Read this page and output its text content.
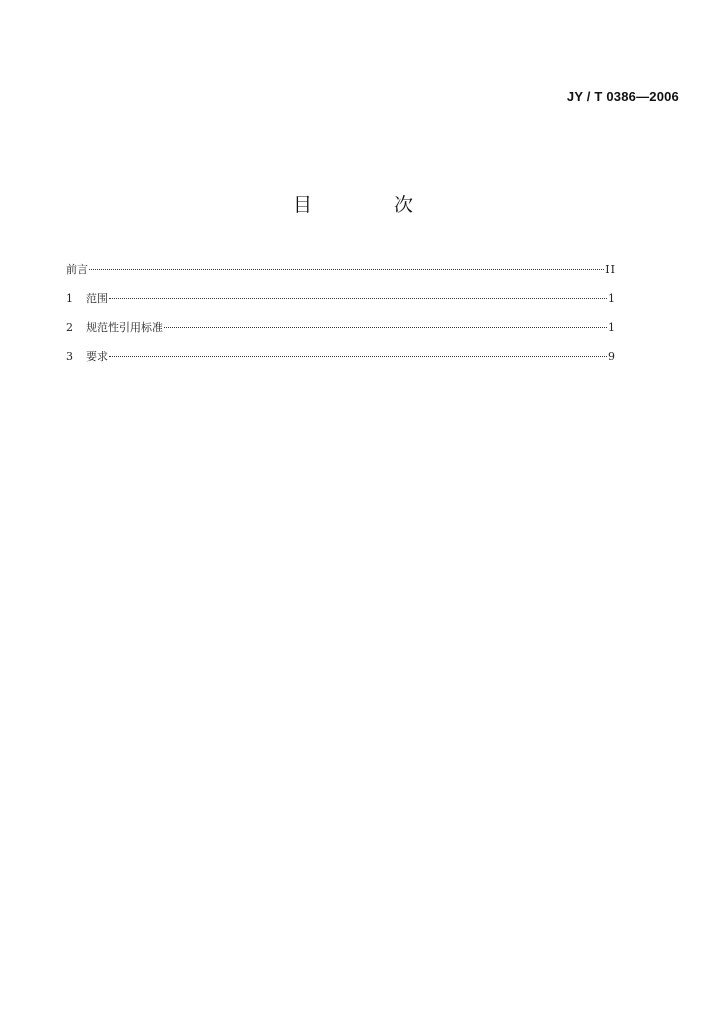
JY / T 0386—2006
目 次
前言	II
1	范围	1
2	规范性引用标准	1
3	要求	9
